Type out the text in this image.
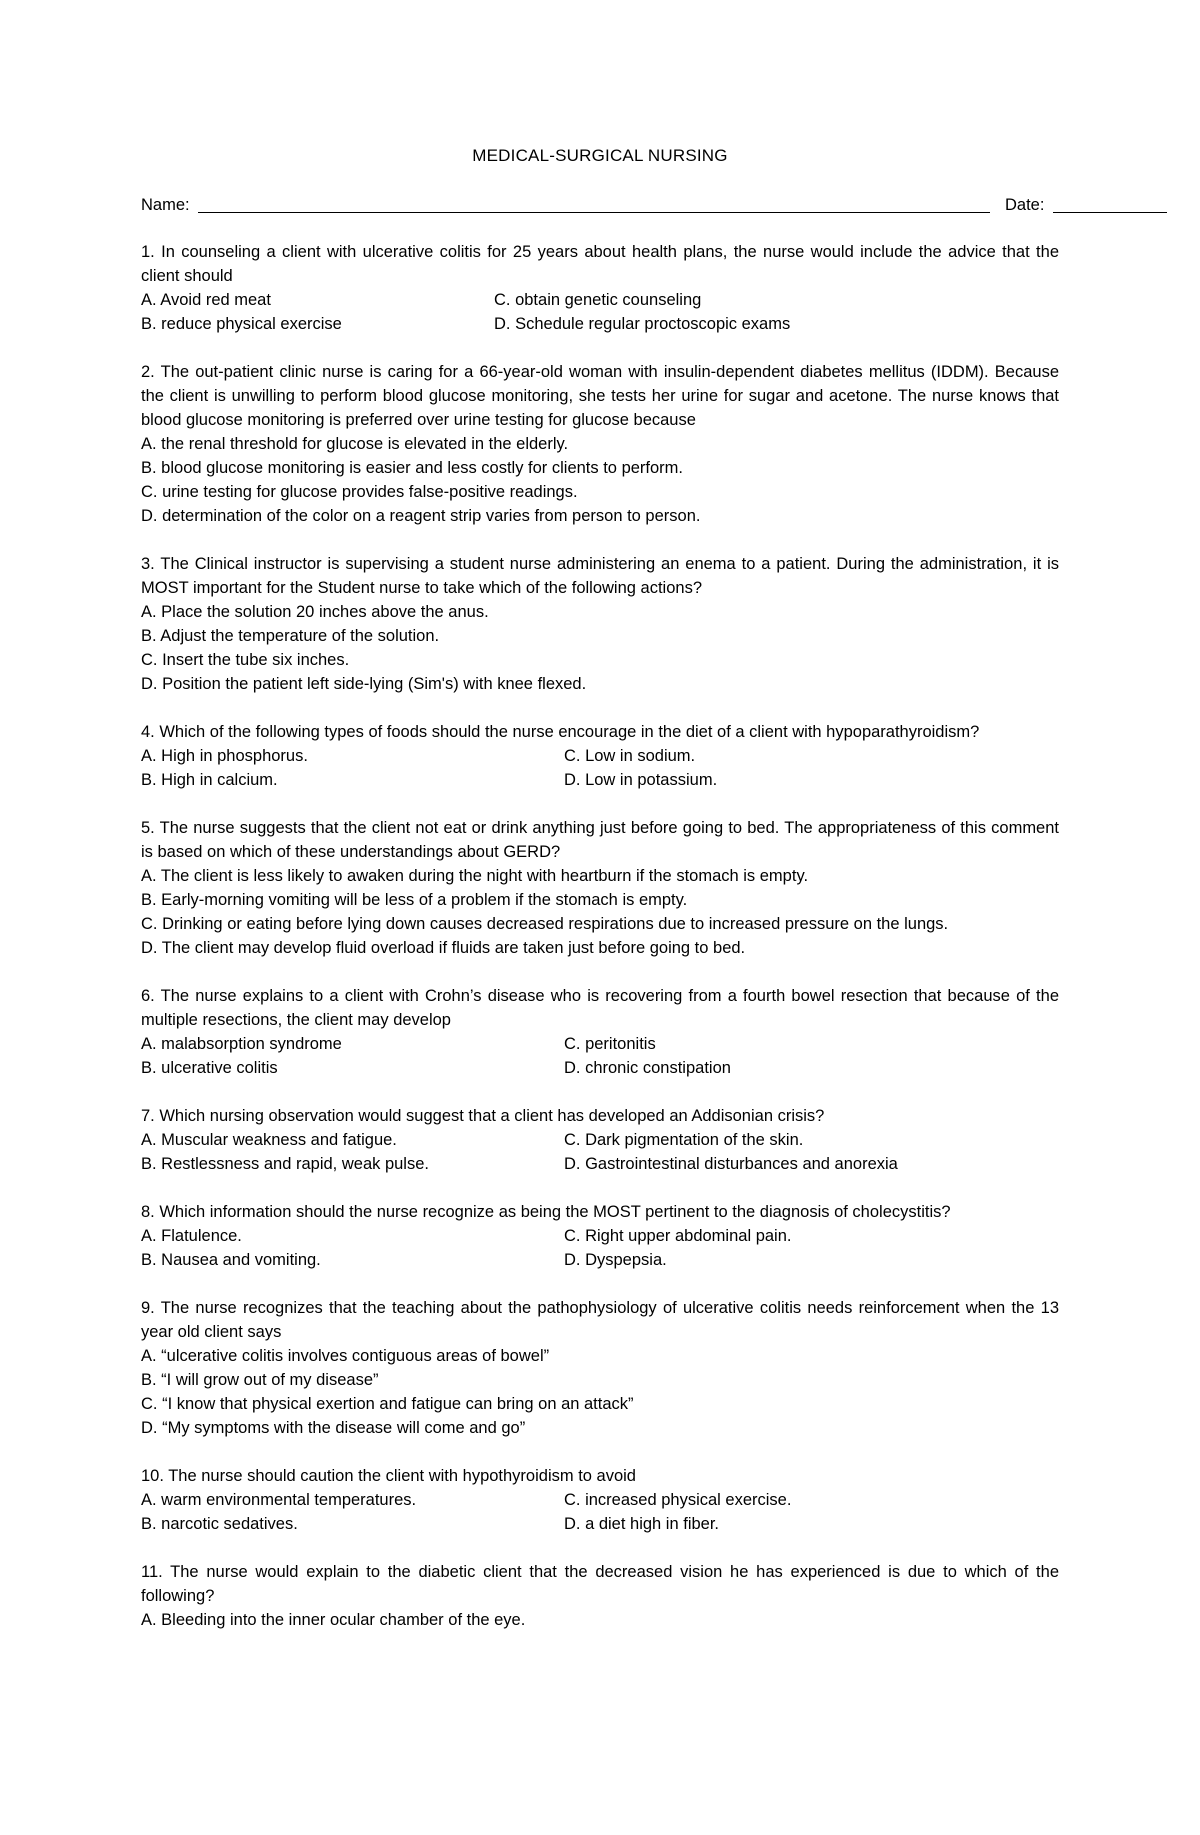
MEDICAL-SURGICAL NURSING
Name:	Date:
1. In counseling a client with ulcerative colitis for 25 years about health plans, the nurse would include the advice that the client should
A. Avoid red meat	C. obtain genetic counseling
B. reduce physical exercise	D. Schedule regular proctoscopic exams
2. The out-patient clinic nurse is caring for a 66-year-old woman with insulin-dependent diabetes mellitus (IDDM). Because the client is unwilling to perform blood glucose monitoring, she tests her urine for sugar and acetone. The nurse knows that blood glucose monitoring is preferred over urine testing for glucose because
A. the renal threshold for glucose is elevated in the elderly.
B. blood glucose monitoring is easier and less costly for clients to perform.
C. urine testing for glucose provides false-positive readings.
D. determination of the color on a reagent strip varies from person to person.
3. The Clinical instructor is supervising a student nurse administering an enema to a patient. During the administration, it is MOST important for the Student nurse to take which of the following actions?
A. Place the solution 20 inches above the anus.
B. Adjust the temperature of the solution.
C. Insert the tube six inches.
D. Position the patient left side-lying (Sim's) with knee flexed.
4. Which of the following types of foods should the nurse encourage in the diet of a client with hypoparathyroidism?
A. High in phosphorus.	C. Low in sodium.
B. High in calcium.	D. Low in potassium.
5. The nurse suggests that the client not eat or drink anything just before going to bed. The appropriateness of this comment is based on which of these understandings about GERD?
A. The client is less likely to awaken during the night with heartburn if the stomach is empty.
B. Early-morning vomiting will be less of a problem if the stomach is empty.
C. Drinking or eating before lying down causes decreased respirations due to increased pressure on the lungs.
D. The client may develop fluid overload if fluids are taken just before going to bed.
6. The nurse explains to a client with Crohn’s disease who is recovering from a fourth bowel resection that because of the multiple resections, the client may develop
A. malabsorption syndrome	C. peritonitis
B. ulcerative colitis	D. chronic constipation
7. Which nursing observation would suggest that a client has developed an Addisonian crisis?
A. Muscular weakness and fatigue.	C. Dark pigmentation of the skin.
B. Restlessness and rapid, weak pulse.	D. Gastrointestinal disturbances and anorexia
8. Which information should the nurse recognize as being the MOST pertinent to the diagnosis of cholecystitis?
A. Flatulence.	C. Right upper abdominal pain.
B. Nausea and vomiting.	D. Dyspepsia.
9. The nurse recognizes that the teaching about the pathophysiology of ulcerative colitis needs reinforcement when the 13 year old client says
A. “ulcerative colitis involves contiguous areas of bowel”
B. “I will grow out of my disease”
C. “I know that physical exertion and fatigue can bring on an attack”
D. “My symptoms with the disease will come and go”
10. The nurse should caution the client with hypothyroidism to avoid
A. warm environmental temperatures.	C. increased physical exercise.
B. narcotic sedatives.	D. a diet high in fiber.
11. The nurse would explain to the diabetic client that the decreased vision he has experienced is due to which of the following?
A. Bleeding into the inner ocular chamber of the eye.
